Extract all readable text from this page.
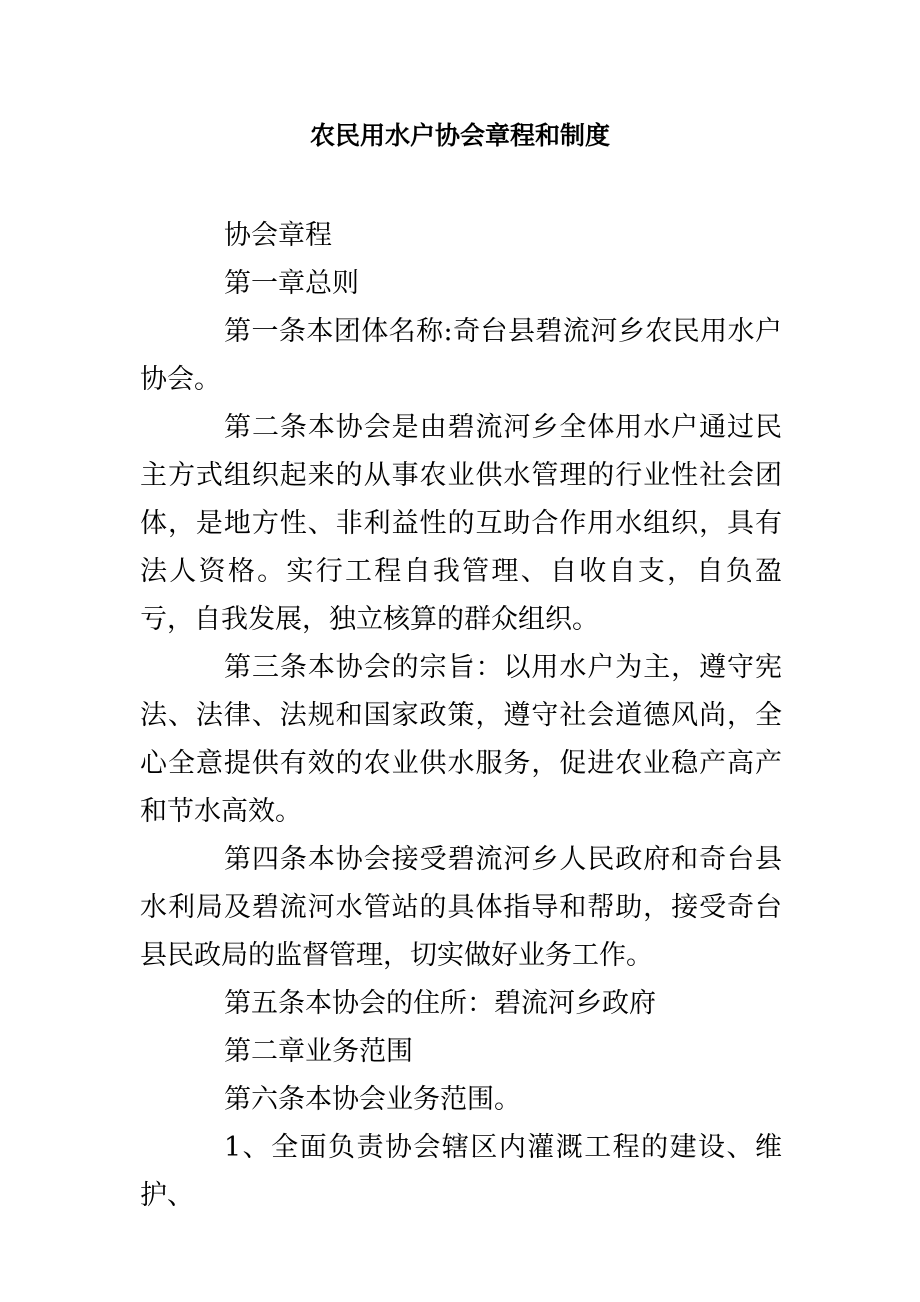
农民用水户协会章程和制度

协会章程

第一章总则

第一条本团体名称:奇台县碧流河乡农民用水户协会。

第二条本协会是由碧流河乡全体用水户通过民主方式组织起来的从事农业供水管理的行业性社会团体，是地方性、非利益性的互助合作用水组织，具有法人资格。实行工程自我管理、自收自支，自负盈亏，自我发展，独立核算的群众组织。

第三条本协会的宗旨：以用水户为主，遵守宪法、法律、法规和国家政策，遵守社会道德风尚，全心全意提供有效的农业供水服务，促进农业稳产高产和节水高效。

第四条本协会接受碧流河乡人民政府和奇台县水利局及碧流河水管站的具体指导和帮助，接受奇台县民政局的监督管理，切实做好业务工作。

第五条本协会的住所：碧流河乡政府

第二章业务范围

第六条本协会业务范围。

1、全面负责协会辖区内灌溉工程的建设、维护、
